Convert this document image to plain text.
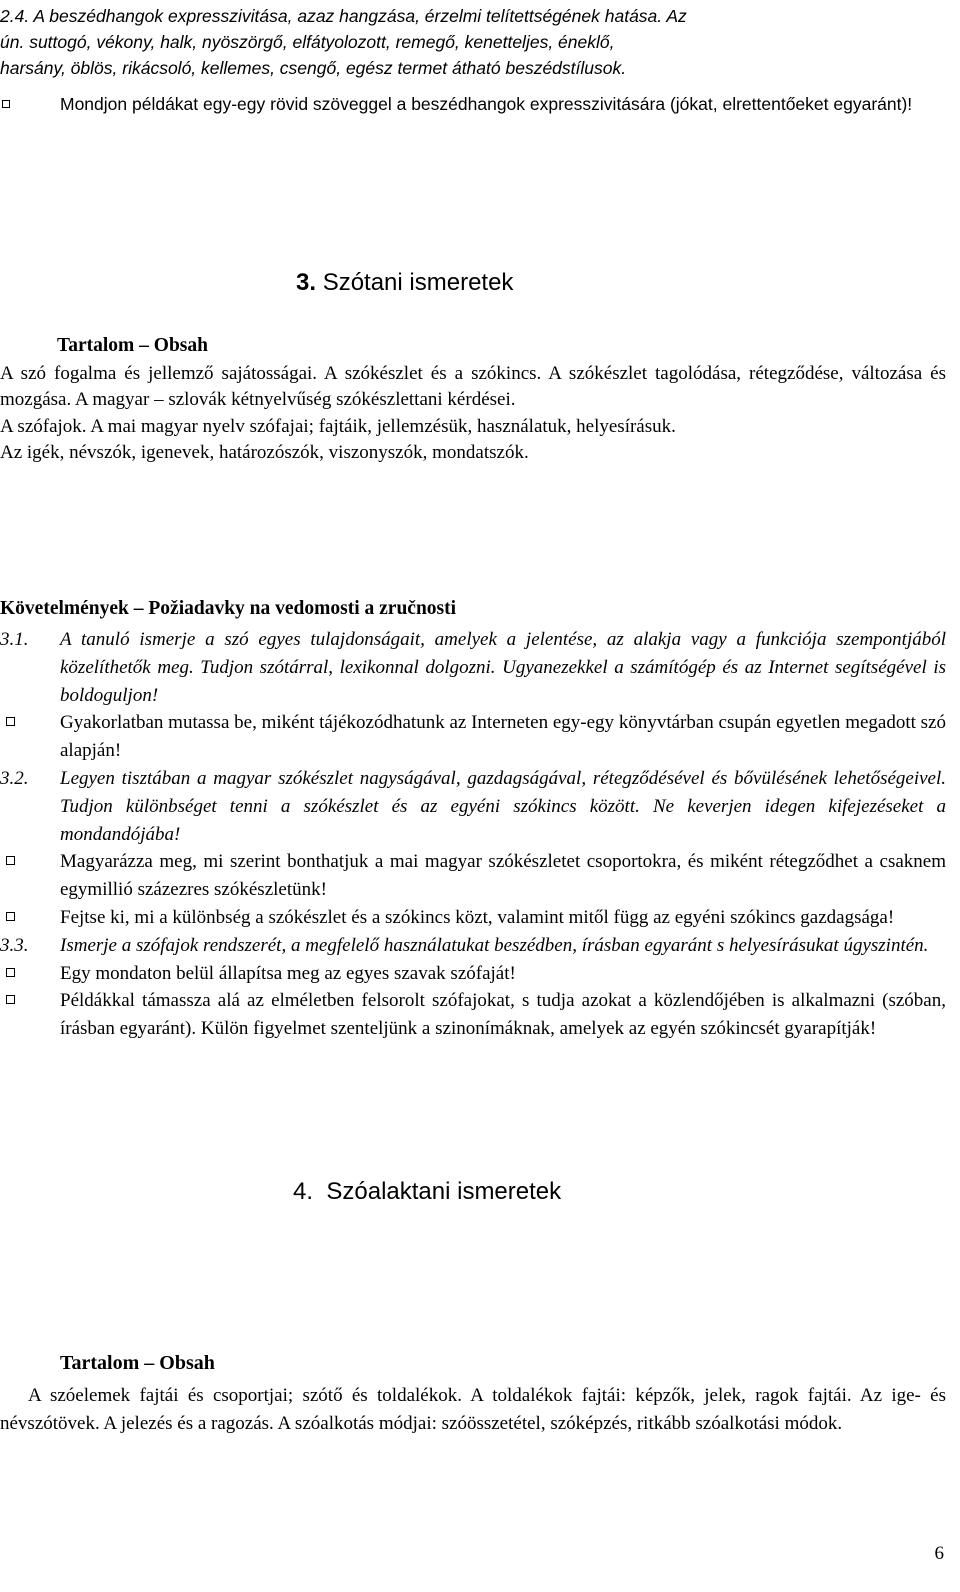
2.4. A beszédhangok expresszivitása, azaz hangzása, érzelmi telítettségének hatása. Az

ún. suttogó, vékony, halk, nyöszörgő, elfátyolozott, remegő, kenetteljes, éneklő,

harsány, öblös, rikácsoló, kellemes, csengő, egész termet átható beszédstílusok.

Mondjon példákat egy-egy rövid szöveggel a beszédhangok expresszivitására (jókat, elrettentőeket egyaránt)!
3. Szótani ismeretek
Tartalom – Obsah

A szó fogalma és jellemző sajátosságai. A szókészlet és a szókincs. A szókészlet tagolódása, rétegződése, változása és mozgása. A magyar – szlovák kétnyelvűség szókészlettani kérdései.

A szófajok. A mai magyar nyelv szófajai; fajtáik, jellemzésük, használatuk, helyesírásuk.

Az igék, névszók, igenevek, határozószók, viszonyszók, mondatszók.

Követelmények – Požiadavky na vedomosti a zručnosti
3.1.	A tanuló ismerje a szó egyes tulajdonságait, amelyek a jelentése, az alakja vagy a funkciója szempontjából közelíthetők meg. Tudjon szótárral, lexikonnal dolgozni. Ugyanezekkel a számítógép és az Internet segítségével is boldoguljon!
Gyakorlatban mutassa be, miként tájékozódhatunk az Interneten egy-egy könyvtárban csupán egyetlen megadott szó alapján!
3.2.	Legyen tisztában a magyar szókészlet nagyságával, gazdagságával, rétegződésével és bővülésének lehetőségeivel. Tudjon különbséget tenni a szókészlet és az egyéni szókincs között. Ne keverjen idegen kifejezéseket a mondandójába!
Magyarázza meg, mi szerint bonthatjuk a mai magyar szókészletet csoportokra, és miként rétegződhet a csaknem egymillió százezres szókészletünk!
Fejtse ki, mi a különbség a szókészlet és a szókincs közt, valamint mitől függ az egyéni szókincs gazdagsága!
3.3.	Ismerje a szófajok rendszerét, a megfelelő használatukat beszédben, írásban egyaránt s helyesírásukat úgyszintén.
Egy mondaton belül állapítsa meg az egyes szavak szófaját!
Példákkal támassza alá az elméletben felsorolt szófajokat, s tudja azokat a közlendőjében is alkalmazni (szóban, írásban egyaránt). Külön figyelmet szenteljünk a szinonímáknak, amelyek az egyén szókincsét gyarapítják!
4. Szóalaktani ismeretek
Tartalom – Obsah

A szóelemek fajtái és csoportjai; szótő és toldalékok. A toldalékok fajtái: képzők, jelek, ragok fajtái. Az ige- és névszótövek. A jelezés és a ragozás. A szóalkotás módjai: szóösszetétel, szóképzés, ritkább szóalkotási módok.

6
